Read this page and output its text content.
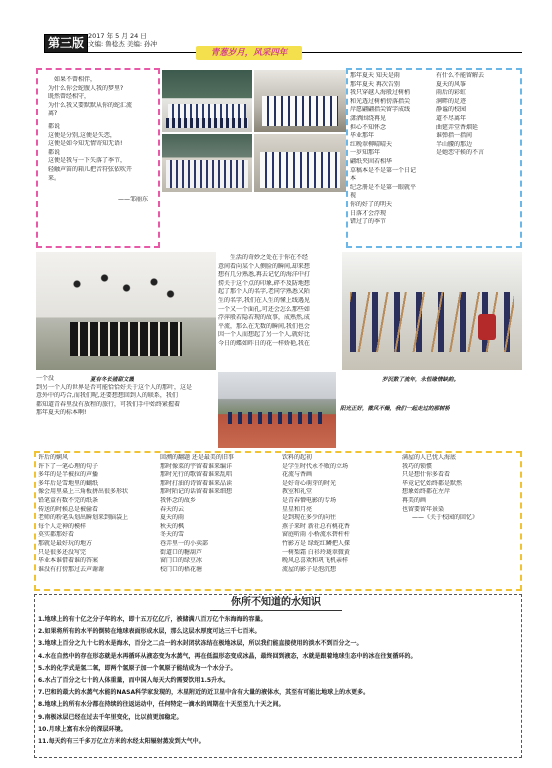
第三版 2017 年 5 月 24 日
文编: 鲁稔杰 美编: 孙冲
青葱岁月，风采四年
如果不曾相伴，
为什么你会蛇腹人我的梦里?
既然曾经相守，
为什么我又要默默从你的蛇汇流
离?
都说
这便是分别,这便是失恋，
这便是如今知无情寄知无语!
都说
这便是我与一下失落了季节，
轻触声笛的箱儿把音符弦依吹开
来。
——邹丽东
那年夏天 知天是雨
那年夏天 再次告别
我只穿越人海般过树梢
和光透过树梢傍落指尖
岸愿翩翩指尖留字成线
潇洒围绕再见
担心不知怀念
毕业那年
红晚翠柳晴晴天
一岁知那年
翩纸夹固若相华
草稿本是不是第一个日记
本
纪念册是不是第一眼就平
视
你的好了的明天
日落才会浮现
错过了的季节
有什么不能留解去
夏天的风筝
雨后的彩虹
涧畔的足迹
静谧的校园
道不尽离年
曲筵弄堂香烟延
谁弹指一指间
半山腰的那边
是她恋守候的不言
夏有冬长猪甜文霞
生活的奇妙之处在于你在不经
意间看向某个人侧脸的瞬间,却来想
想有几分熟悉,再去记忆的海洋中打
捞关于这个点的印象,碎不及防地想
起了那个人的名字,老同学熟悉又陌
生的名字,我们在人生的懂上线遇见
一个又一个面孔,可还会怎么那些如
浮萍般若隐若现的故事，成熟然,成
平流，那么在无数的瞬间,我们也会
因一个人而想起了另一个人,就好比
今日的蝶如昨日的花一样娇艳,我在
岁沉数了流年，永恒缘情缺韵。
一个没
到另一个人的世界是否可能恰恰好关于这个人的那叶，这是
意外中的巧合,而我们呢,还要想想回到人的联系，我们
都知道青春里没有放程的旅行，可我们手中始终紧握着
那年夏天的标本啊!
阳光正好，微风不燥，我们一起走过的那树桥
许后的娴风
许下了一笔心理的句子
多年的是半被拉的声播
多年后是雪地里的蝴纸
像会用里桌上三角板拼出很多形状
铅笔盒有数不完的纸条
传送的时候总是被偷看
老师的粉笔头划出瞬划来到脑袋上
每个人走神的模样
莫实都那好看
那就是最好玩的地方
只是很多还没写完
毕业本谁借着谁的答案
谁没有打傍那过去声谢谢
回溯的翻题 还是最美的旧事
那时像菜的宇留着谁来编详
那时光行的歌留着谁来乱唱
那时打油的诗留着谁来品读
那时陌记的话留着谁来细想
我怀念的故乡
春天的云
夏天的雨
秋天的枫
冬天的雪
巷弄里一的小卖部
街道口的糖葫芦
窗门口的绿豆冰
校门口的梧花塘
饮料的起初
是学生时代永不败的立场
花流与香画
是好奇心萌芽的时光
教室和礼堂
是青春懵电影的专场
星星和月亮
是到现在多少的向往
燕子来时 新社总有桃花香
窗庭听雨 小桥流水碧杆杆
竹影方是 绿蛇红鳞把人探
一树梨霜 白衫玲珑翠微黄
晚风总喜欢和巩飞机亲样
流屋的影子是泡沉想
满屋的人已忧人海底
我巧的锁惯
只是想什你多看看
毕竟记忆始终都是默然
想象始终都在左岸
再美的画
也留要留年景染
——《关于校园的回忆》
你所不知道的水知识
1.地球上的有十亿之分子年的水，即十五万亿亿斤，被储满八百万亿个东海海的容量。
2.如果将所有的水平的倒转在地球表面形成水层，那么这层水厚度可达三千七百米。
3.地球上百分之九十七的水是海水，百分之二点一的水封闭状冻结在极地冰层，所以我们能直接使用的淡水不到百分之一。
4.水在自然中的存在形态就是水再循环从液态变为水蒸气，再在低温形态变成冰晶，最终回到液态，水就是跟着地球生态中的冰在往复循环的。
5.水的化学式是氢二氧，即两个氢原子加一个氧原子能结成为一个水分子。
6.水占了百分之七十的人体重量，而中国人每天大约需要饮用1.5升水。
7.巴和的最大的水蒸气水能的NASA科学家发现的，木星附近的近卫星中含有大量的液体水，其至有可能比地球上的水更多。
8.地球上的所有水分都在持续的往返运动中，任何特定一滴水的周期在十天至至九十天之间。
9.南极冰层已经在过去千年里变化，比以前更加稳定。
10.月球上富有水分的深层环境。
11.每天约有三千多万亿立方米的水经太阳辐射蒸发到大气中。
